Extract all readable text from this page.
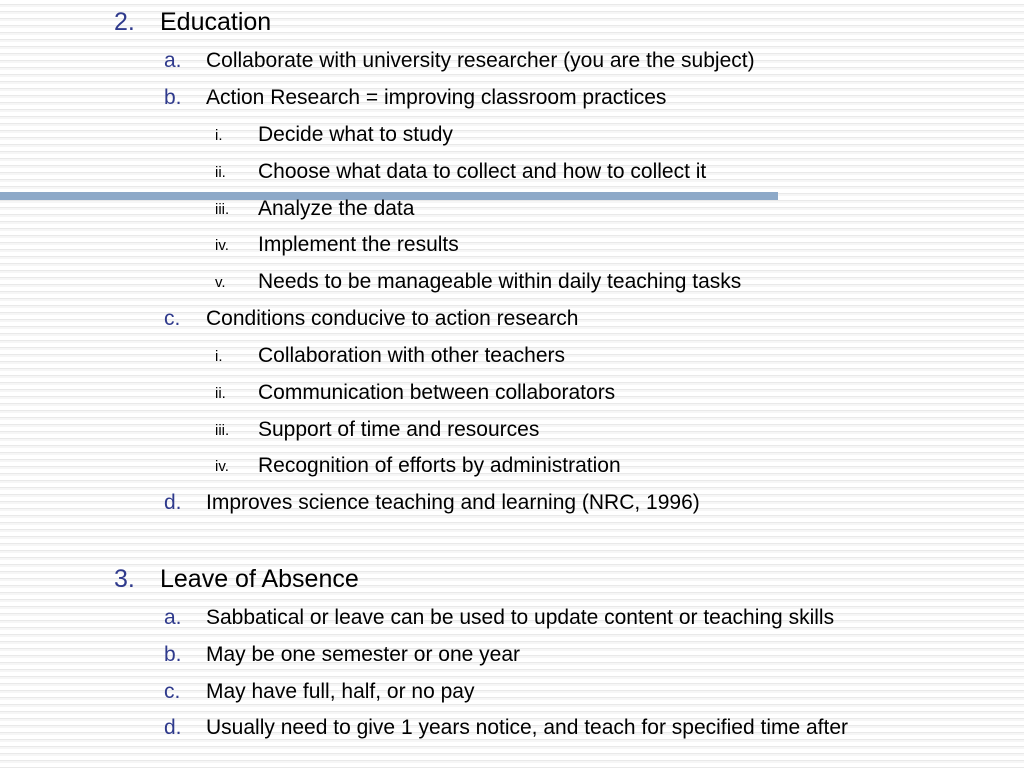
2. Education
a. Collaborate with university researcher (you are the subject)
b. Action Research = improving classroom practices
i. Decide what to study
ii. Choose what data to collect and how to collect it
iii. Analyze the data
iv. Implement the results
v. Needs to be manageable within daily teaching tasks
c. Conditions conducive to action research
i. Collaboration with other teachers
ii. Communication between collaborators
iii. Support of time and resources
iv. Recognition of efforts by administration
d. Improves science teaching and learning (NRC, 1996)
3. Leave of Absence
a. Sabbatical or leave can be used to update content or teaching skills
b. May be one semester or one year
c. May have full, half, or no pay
d. Usually need to give 1 years notice, and teach for specified time after
